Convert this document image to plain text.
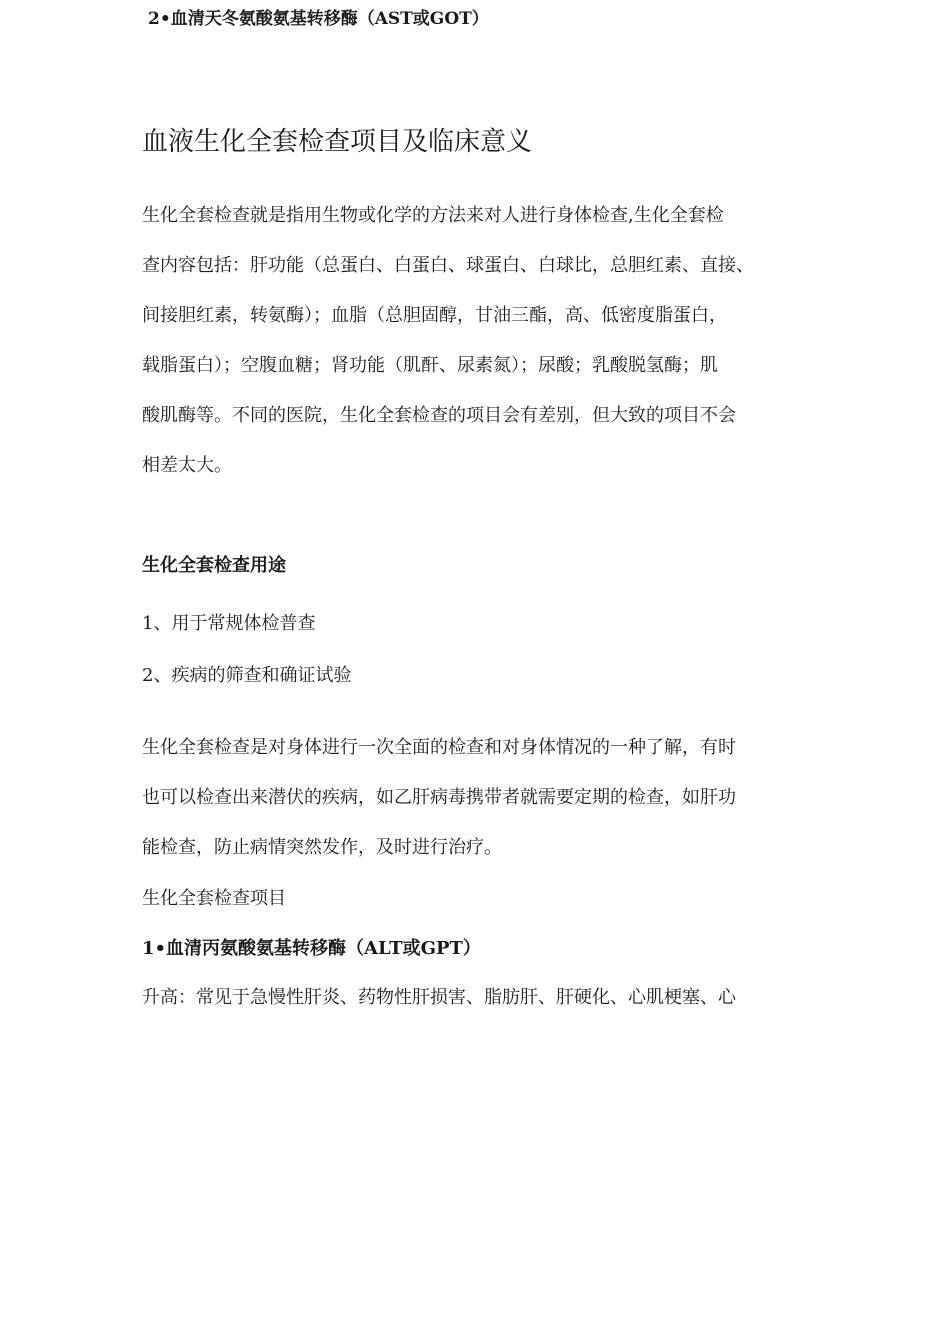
2•血清天冬氨酸氨基转移酶（AST或GOT）
血液生化全套检查项目及临床意义
生化全套检查就是指用生物或化学的方法来对人进行身体检查,生化全套检
查内容包括：肝功能（总蛋白、白蛋白、球蛋白、白球比，总胆红素、直接、
间接胆红素，转氨酶）；血脂（总胆固醇，甘油三酯，高、低密度脂蛋白，
载脂蛋白）；空腹血糖；肾功能（肌酐、尿素氮）；尿酸；乳酸脱氢酶；肌
酸肌酶等。不同的医院，生化全套检查的项目会有差别，但大致的项目不会
相差太大。
生化全套检查用途
1、用于常规体检普查
2、疾病的筛查和确证试验
生化全套检查是对身体进行一次全面的检查和对身体情况的一种了解，有时
也可以检查出来潜伏的疾病，如乙肝病毒携带者就需要定期的检查，如肝功
能检查，防止病情突然发作，及时进行治疗。
生化全套检查项目
1•血清丙氨酸氨基转移酶（ALT或GPT）
升高：常见于急慢性肝炎、药物性肝损害、脂肪肝、肝硬化、心肌梗塞、心
